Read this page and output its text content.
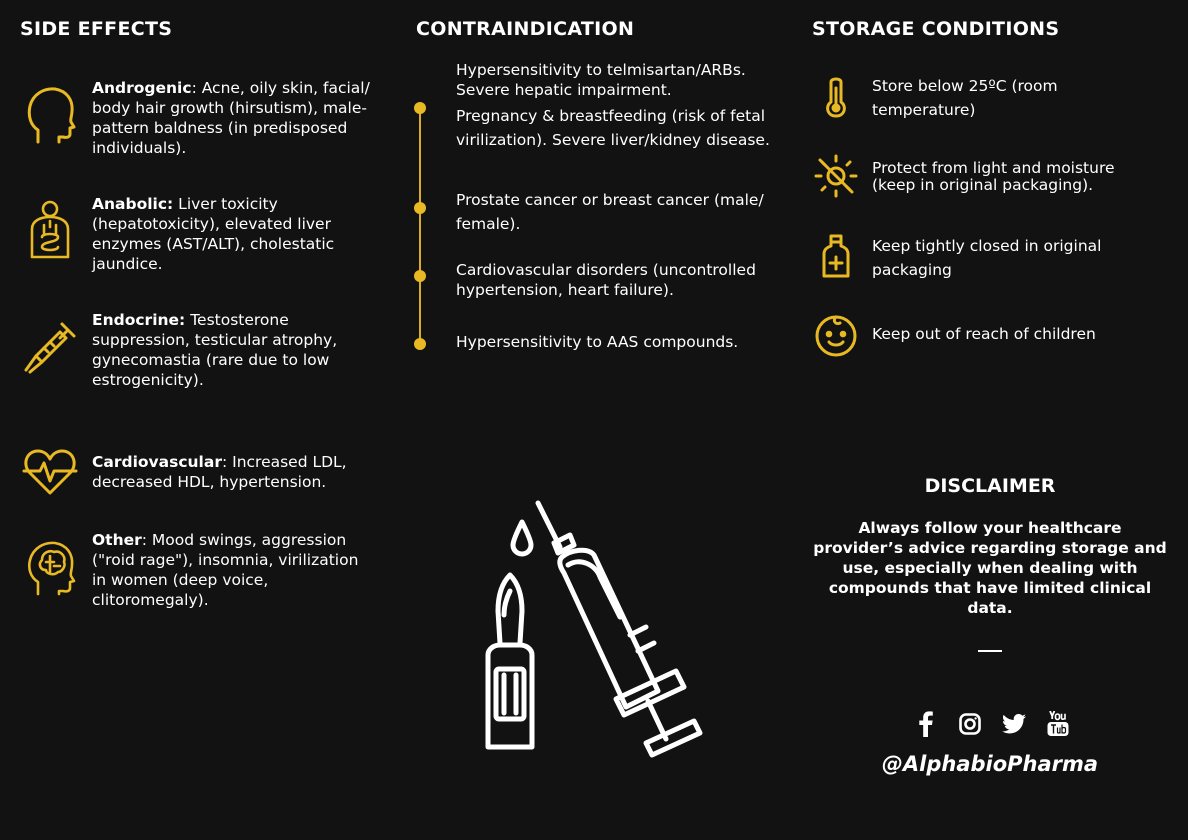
SIDE EFFECTS
Androgenic: Acne, oily skin, facial/ body hair growth (hirsutism), male-pattern baldness (in predisposed individuals).
Anabolic: Liver toxicity (hepatotoxicity), elevated liver enzymes (AST/ALT), cholestatic jaundice.
Endocrine: Testosterone suppression, testicular atrophy, gynecomastia (rare due to low estrogenicity).
Cardiovascular: Increased LDL, decreased HDL, hypertension.
Other: Mood swings, aggression ("roid rage"), insomnia, virilization in women (deep voice, clitoromegaly).
CONTRAINDICATION
Hypersensitivity to telmisartan/ARBs. Severe hepatic impairment.
Pregnancy & breastfeeding (risk of fetal virilization). Severe liver/kidney disease.
Prostate cancer or breast cancer (male/ female).
Cardiovascular disorders (uncontrolled hypertension, heart failure).
Hypersensitivity to AAS compounds.
STORAGE CONDITIONS
Store below 25ºC (room temperature)
Protect from light and moisture (keep in original packaging).
Keep tightly closed in original packaging
Keep out of reach of children
DISCLAIMER
Always follow your healthcare provider’s advice regarding storage and use, especially when dealing with compounds that have limited clinical data.
@AlphabioPharma
